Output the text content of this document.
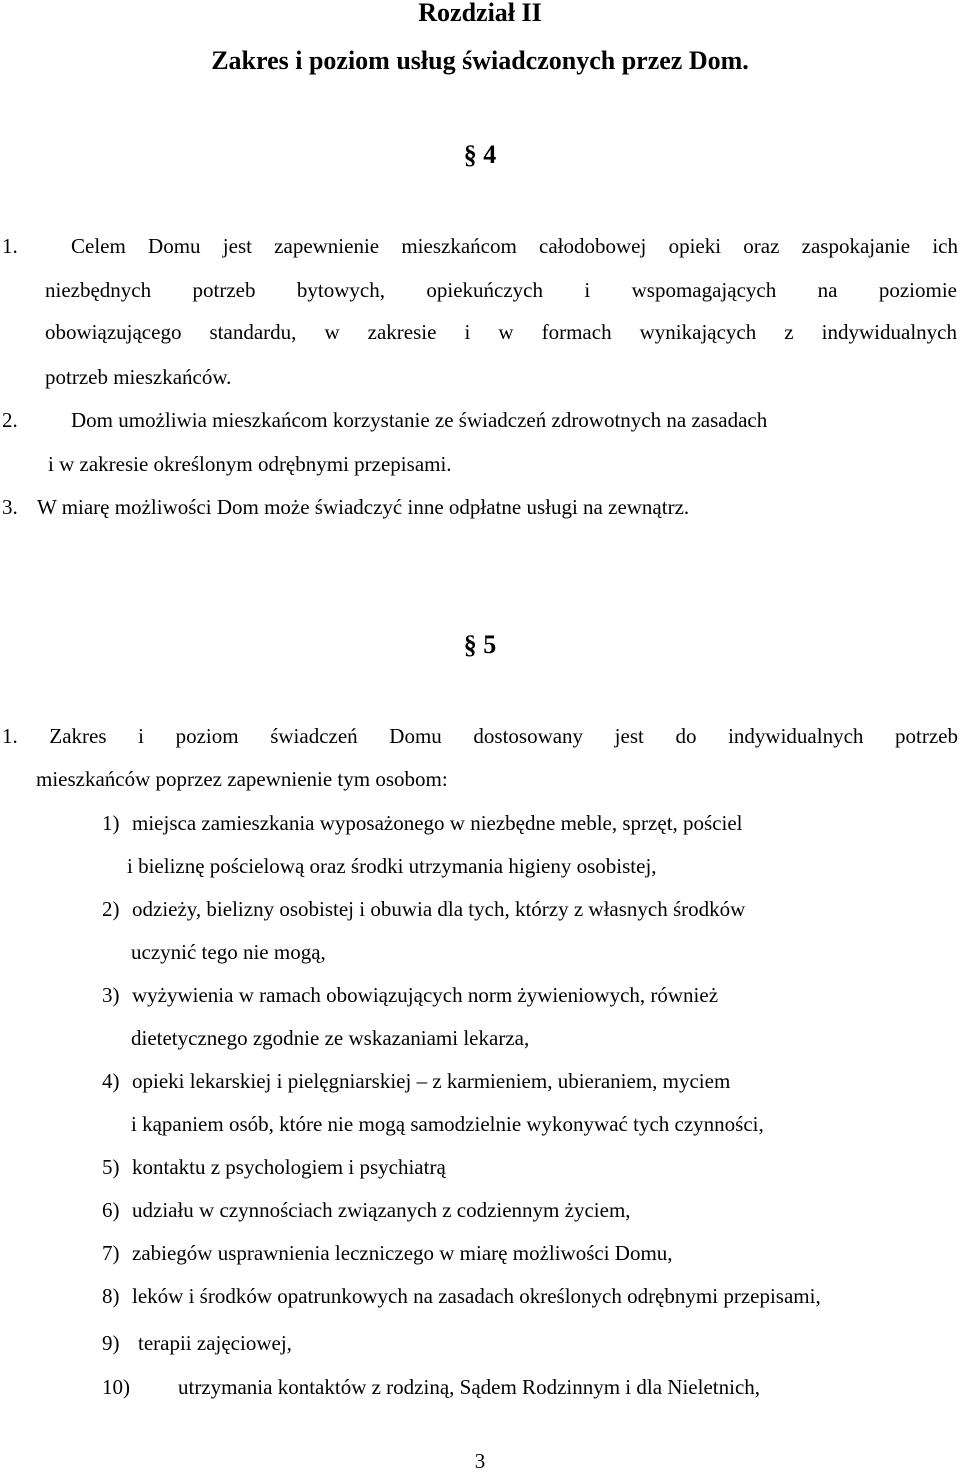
Rozdział II
Zakres i poziom usług świadczonych przez Dom.
§ 4
1.	Celem Domu jest zapewnienie mieszkańcom całodobowej opieki oraz zaspokajanie ich
niezbędnych potrzeb bytowych, opiekuńczych i wspomagających na poziomie
obowiązującego standardu, w zakresie i w formach wynikających z indywidualnych
potrzeb mieszkańców.
2.	Dom umożliwia mieszkańcom korzystanie ze świadczeń zdrowotnych na zasadach
i w zakresie określonym odrębnymi przepisami.
3. W miarę możliwości Dom może świadczyć inne odpłatne usługi na zewnątrz.
§ 5
1. Zakres i poziom świadczeń Domu dostosowany jest do indywidualnych potrzeb
mieszkańców poprzez zapewnienie tym osobom:
1) miejsca zamieszkania wyposażonego w niezbędne meble, sprzęt, pościel
i bieliznę pościelową oraz środki utrzymania higieny osobistej,
2) odzieży, bielizny osobistej i obuwia dla tych, którzy z własnych środków
uczynić tego nie mogą,
3) wyżywienia w ramach obowiązujących norm żywieniowych, również
dietetycznego zgodnie ze wskazaniami lekarza,
4) opieki lekarskiej i pielęgniarskiej – z karmieniem, ubieraniem, myciem
i kąpaniem osób, które nie mogą samodzielnie wykonywać tych czynności,
5) kontaktu z psychologiem i psychiatrą
6) udziału w czynnościach związanych z codziennym życiem,
7) zabiegów usprawnienia leczniczego w miarę możliwości Domu,
8) leków i środków opatrunkowych na zasadach określonych odrębnymi przepisami,
9) terapii zajęciowej,
10) utrzymania kontaktów z rodziną, Sądem Rodzinnym i dla Nieletnich,
3
